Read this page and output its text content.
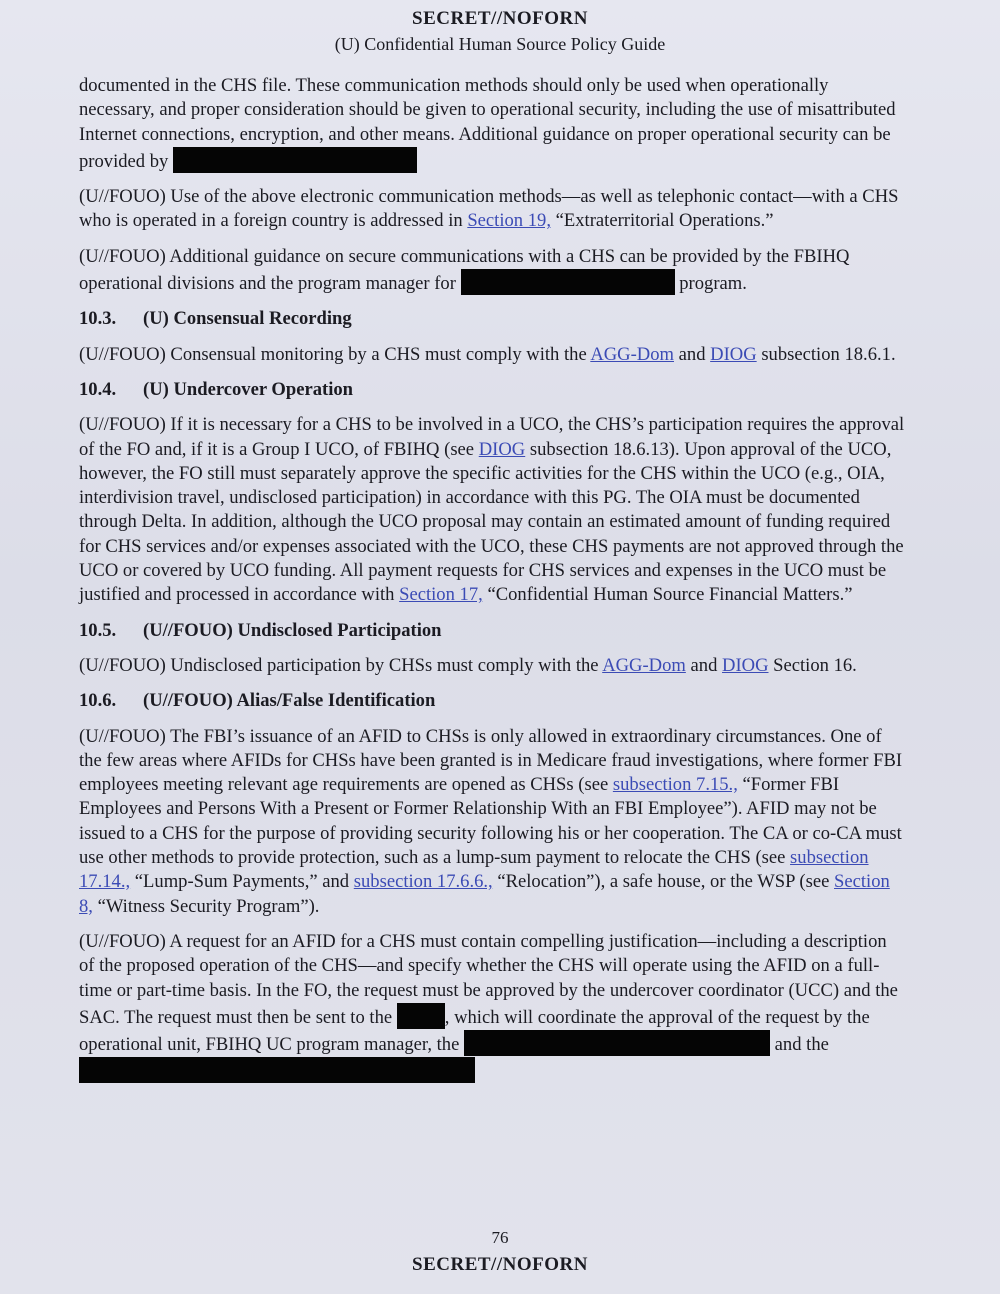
SECRET//NOFORN
(U) Confidential Human Source Policy Guide

documented in the CHS file. These communication methods should only be used when operationally necessary, and proper consideration should be given to operational security, including the use of misattributed Internet connections, encryption, and other means. Additional guidance on proper operational security can be provided by

(U//FOUO) Use of the above electronic communication methods—as well as telephonic contact—with a CHS who is operated in a foreign country is addressed in Section 19, “Extraterritorial Operations.”

(U//FOUO) Additional guidance on secure communications with a CHS can be provided by the FBIHQ operational divisions and the program manager for	program.

10.3. (U) Consensual Recording

(U//FOUO) Consensual monitoring by a CHS must comply with the AGG-Dom and DIOG subsection 18.6.1.

10.4. (U) Undercover Operation

(U//FOUO) If it is necessary for a CHS to be involved in a UCO, the CHS’s participation requires the approval of the FO and, if it is a Group I UCO, of FBIHQ (see DIOG subsection 18.6.13). Upon approval of the UCO, however, the FO still must separately approve the specific activities for the CHS within the UCO (e.g., OIA, interdivision travel, undisclosed participation) in accordance with this PG. The OIA must be documented through Delta. In addition, although the UCO proposal may contain an estimated amount of funding required for CHS services and/or expenses associated with the UCO, these CHS payments are not approved through the UCO or covered by UCO funding. All payment requests for CHS services and expenses in the UCO must be justified and processed in accordance with Section 17, “Confidential Human Source Financial Matters.”

10.5. (U//FOUO) Undisclosed Participation

(U//FOUO) Undisclosed participation by CHSs must comply with the AGG-Dom and DIOG Section 16.

10.6. (U//FOUO) Alias/False Identification

(U//FOUO) The FBI’s issuance of an AFID to CHSs is only allowed in extraordinary circumstances. One of the few areas where AFIDs for CHSs have been granted is in Medicare fraud investigations, where former FBI employees meeting relevant age requirements are opened as CHSs (see subsection 7.15., “Former FBI Employees and Persons With a Present or Former Relationship With an FBI Employee”). AFID may not be issued to a CHS for the purpose of providing security following his or her cooperation. The CA or co-CA must use other methods to provide protection, such as a lump-sum payment to relocate the CHS (see subsection 17.14., “Lump-Sum Payments,” and subsection 17.6.6., “Relocation”), a safe house, or the WSP (see Section 8, “Witness Security Program”).

(U//FOUO) A request for an AFID for a CHS must contain compelling justification—including a description of the proposed operation of the CHS—and specify whether the CHS will operate using the AFID on a full-time or part-time basis. In the FO, the request must be approved by the undercover coordinator (UCC) and the SAC. The request must then be sent to the	, which will coordinate the approval of the request by the operational unit, FBIHQ UC program manager, the	and the

76
SECRET//NOFORN
